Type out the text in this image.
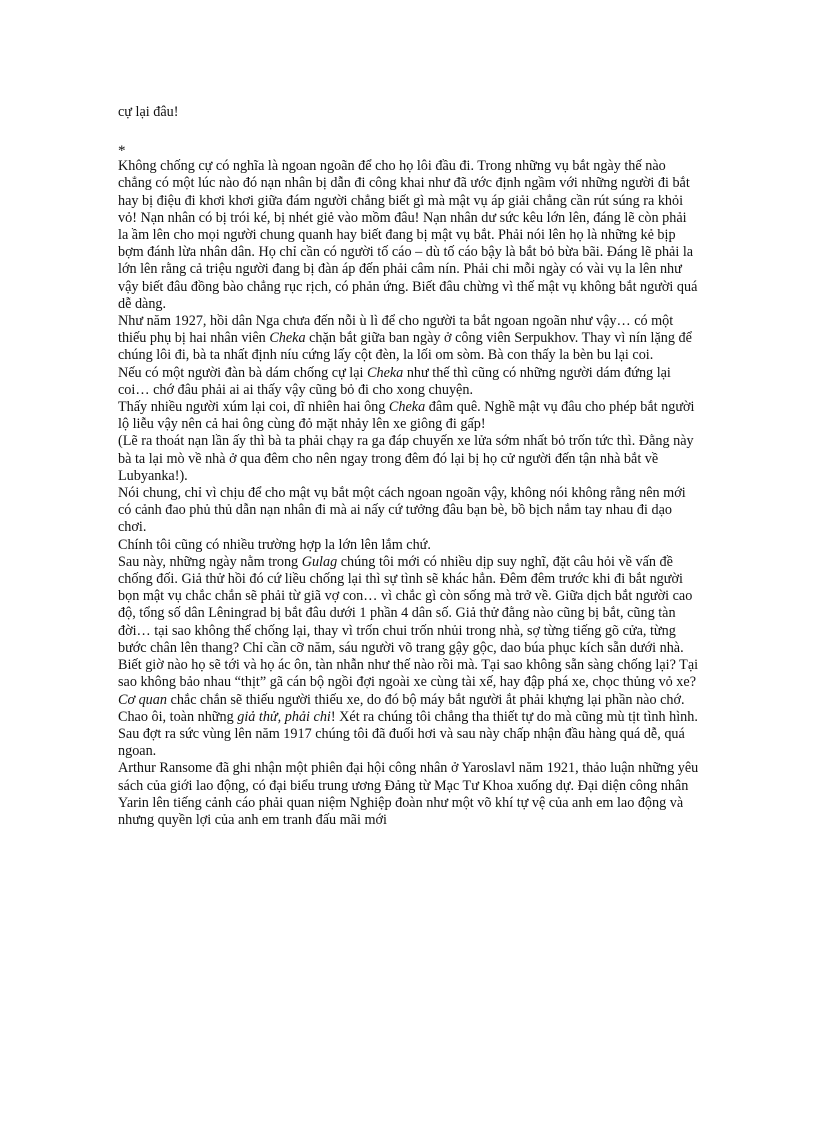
cự lại đâu!

*

Không chống cự có nghĩa là ngoan ngoãn để cho họ lôi đầu đi. Trong những vụ bắt ngày thế nào chẳng có một lúc nào đó nạn nhân bị dẫn đi công khai như đã ước định ngầm với những người đi bắt hay bị điệu đi khơi khơi giữa đám người chẳng biết gì mà mật vụ áp giải chẳng cần rút súng ra khỏi vỏ! Nạn nhân có bị trói ké, bị nhét giẻ vào mồm đâu! Nạn nhân dư sức kêu lớn lên, đáng lẽ còn phải la ầm lên cho mọi người chung quanh hay biết đang bị mật vụ bắt. Phải nói lên họ là những kẻ bịp bợm đánh lừa nhân dân. Họ chỉ cần có người tố cáo – dù tố cáo bậy là bắt bỏ bừa bãi. Đáng lẽ phải la lớn lên rằng cả triệu người đang bị đàn áp đến phải câm nín. Phải chi mỗi ngày có vài vụ la lên như vậy biết đâu đồng bào chẳng rục rịch, có phản ứng. Biết đâu chừng vì thế mật vụ không bắt người quá dễ dàng.

Như năm 1927, hồi dân Nga chưa đến nỗi ù lì để cho người ta bắt ngoan ngoãn như vậy… có một thiếu phụ bị hai nhân viên Cheka chặn bắt giữa ban ngày ở công viên Serpukhov. Thay vì nín lặng để chúng lôi đi, bà ta nhất định níu cứng lấy cột đèn, la lối om sòm. Bà con thấy la bèn bu lại coi.

Nếu có một người đàn bà dám chống cự lại Cheka như thế thì cũng có những người dám đứng lại coi… chớ đâu phải ai ai thấy vậy cũng bỏ đi cho xong chuyện.

Thấy nhiều người xúm lại coi, dĩ nhiên hai ông Cheka đâm quê. Nghề mật vụ đâu cho phép bắt người lộ liễu vậy nên cả hai ông cùng đỏ mặt nhảy lên xe giông đi gấp!

(Lẽ ra thoát nạn lần ấy thì bà ta phải chạy ra ga đáp chuyến xe lửa sớm nhất bỏ trốn tức thì. Đằng này bà ta lại mò về nhà ở qua đêm cho nên ngay trong đêm đó lại bị họ cử người đến tận nhà bắt về Lubyanka!).

Nói chung, chỉ vì chịu để cho mật vụ bắt một cách ngoan ngoãn vậy, không nói không rằng nên mới có cảnh đao phủ thủ dẫn nạn nhân đi mà ai nấy cứ tưởng đâu bạn bè, bồ bịch nắm tay nhau đi dạo chơi.

Chính tôi cũng có nhiều trường hợp la lớn lên lắm chứ.

Sau này, những ngày nằm trong Gulag chúng tôi mới có nhiều dịp suy nghĩ, đặt câu hỏi về vấn đề chống đối. Giả thử hồi đó cứ liều chống lại thì sự tình sẽ khác hẳn. Đêm đêm trước khi đi bắt người bọn mật vụ chắc chắn sẽ phải từ giã vợ con… vì chắc gì còn sống mà trở về. Giữa dịch bắt người cao độ, tổng số dân Lêningrad bị bắt đâu dưới 1 phần 4 dân số. Giả thử đằng nào cũng bị bắt, cũng tàn đời… tại sao không thể chống lại, thay vì trốn chui trốn nhủi trong nhà, sợ từng tiếng gõ cửa, từng bước chân lên thang? Chỉ cần cỡ năm, sáu người võ trang gậy gộc, dao búa phục kích sẵn dưới nhà. Biết giờ nào họ sẽ tới và họ ác ôn, tàn nhẫn như thế nào rồi mà. Tại sao không sẵn sàng chống lại? Tại sao không bảo nhau “thịt” gã cán bộ ngồi đợi ngoài xe cùng tài xế, hay đập phá xe, chọc thủng vỏ xe? Cơ quan chắc chắn sẽ thiếu người thiếu xe, do đó bộ máy bắt người ắt phải khựng lại phần nào chớ.

Chao ôi, toàn những giả thử, phải chi! Xét ra chúng tôi chẳng tha thiết tự do mà cũng mù tịt tình hình. Sau đợt ra sức vùng lên năm 1917 chúng tôi đã đuối hơi và sau này chấp nhận đầu hàng quá dễ, quá ngoan.

Arthur Ransome đã ghi nhận một phiên đại hội công nhân ở Yaroslavl năm 1921, thảo luận những yêu sách của giới lao động, có đại biểu trung ương Đảng từ Mạc Tư Khoa xuống dự. Đại diện công nhân Yarin lên tiếng cảnh cáo phải quan niệm Nghiệp đoàn như một võ khí tự vệ của anh em lao động và nhưng quyền lợi của anh em tranh đấu mãi mới
